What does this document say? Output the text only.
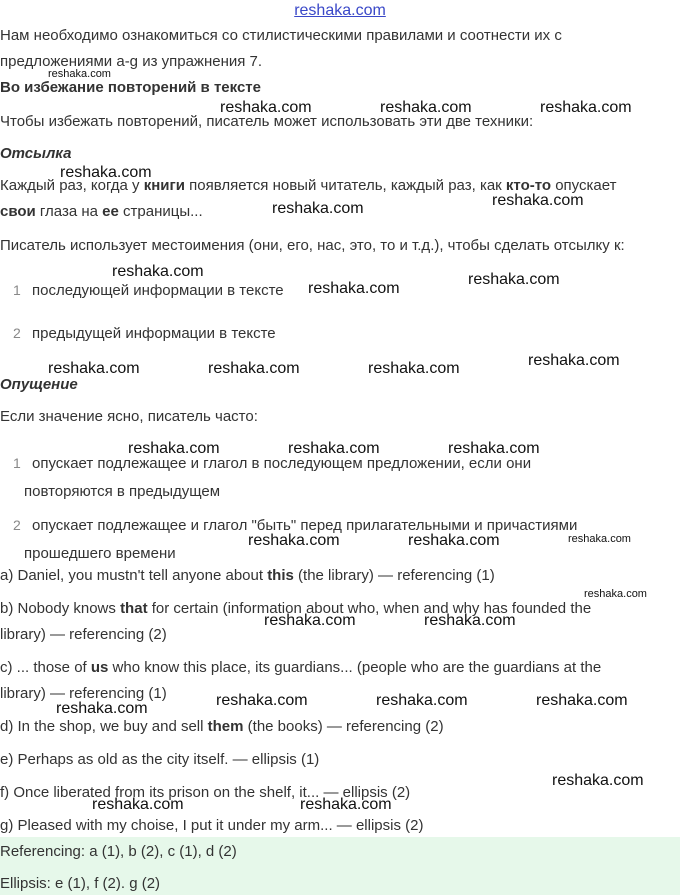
reshaka.com
Нам необходимо ознакомиться со стилистическими правилами и соотнести их с
предложениями a-g из упражнения 7.
Во избежание повторений в тексте
Чтобы избежать повторений, писатель может использовать эти две техники:
Отсылка
Каждый раз, когда у книги появляется новый читатель, каждый раз, как кто-то опускает
свои глаза на ее страницы...
Писатель использует местоимения (они, его, нас, это, то и т.д.), чтобы сделать отсылку к:
1 последующей информации в тексте
2 предыдущей информации в тексте
Опущение
Если значение ясно, писатель часто:
1 опускает подлежащее и глагол в последующем предложении, если они
повторяются в предыдущем
2 опускает подлежащее и глагол "быть" перед прилагательными и причастиями
прошедшего времени
a) Daniel, you mustn't tell anyone about this (the library) — referencing (1)
b) Nobody knows that for certain (information about who, when and why has founded the
library) — referencing (2)
c) ... those of us who know this place, its guardians... (people who are the guardians at the
library) — referencing (1)
d) In the shop, we buy and sell them (the books) — referencing (2)
e) Perhaps as old as the city itself. — ellipsis (1)
f) Once liberated from its prison on the shelf, it... — ellipsis (2)
g) Pleased with my choise, I put it under my arm... — ellipsis (2)
Referencing: a (1), b (2), c (1), d (2)
Ellipsis: e (1), f (2). g (2)
reshaka.com
reshaka.com	reshaka.com	reshaka.com
reshaka.com
reshaka.com
reshaka.com
reshaka.com	reshaka.com
reshaka.com
reshaka.com
reshaka.com	reshaka.com	reshaka.com
reshaka.com	reshaka.com	reshaka.com
reshaka.com
reshaka.com	reshaka.com
reshaka.com
reshaka.com	reshaka.com
reshaka.com	reshaka.com	reshaka.com
reshaka.com
reshaka.com
reshaka.com	reshaka.com
